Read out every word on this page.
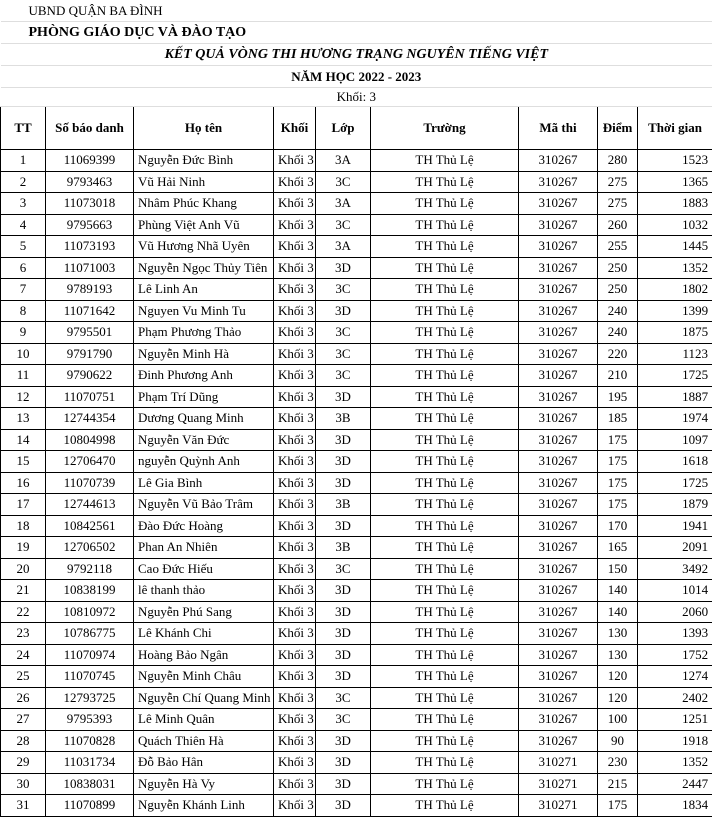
UBND QUẬN BA ĐÌNH								
PHÒNG GIÁO DỤC VÀ ĐÀO TẠO								
KẾT QUẢ VÒNG THI HƯƠNG TRẠNG NGUYÊN TIẾNG VIỆT								
NĂM HỌC 2022 - 2023								
Khối: 3								
TT	Số báo danh	Họ tên	Khối	Lớp	Trường	Mã thi	Điểm	Thời gian
1	11069399	Nguyễn Đức Bình	Khối 3	3A	TH Thủ Lệ	310267	280	1523
2	9793463	Vũ Hải Ninh	Khối 3	3C	TH Thủ Lệ	310267	275	1365
3	11073018	Nhâm Phúc Khang	Khối 3	3A	TH Thủ Lệ	310267	275	1883
4	9795663	Phùng Việt Anh Vũ	Khối 3	3C	TH Thủ Lệ	310267	260	1032
5	11073193	Vũ Hương Nhã Uyên	Khối 3	3A	TH Thủ Lệ	310267	255	1445
6	11071003	Nguyễn Ngọc Thủy Tiên	Khối 3	3D	TH Thủ Lệ	310267	250	1352
7	9789193	Lê Linh An	Khối 3	3C	TH Thủ Lệ	310267	250	1802
8	11071642	Nguyen Vu Minh Tu	Khối 3	3D	TH Thủ Lệ	310267	240	1399
9	9795501	Phạm Phương Thảo	Khối 3	3C	TH Thủ Lệ	310267	240	1875
10	9791790	Nguyễn Minh Hà	Khối 3	3C	TH Thủ Lệ	310267	220	1123
11	9790622	Đinh Phương Anh	Khối 3	3C	TH Thủ Lệ	310267	210	1725
12	11070751	Phạm Trí Dũng	Khối 3	3D	TH Thủ Lệ	310267	195	1887
13	12744354	Dương Quang Minh	Khối 3	3B	TH Thủ Lệ	310267	185	1974
14	10804998	Nguyễn Văn Đức	Khối 3	3D	TH Thủ Lệ	310267	175	1097
15	12706470	nguyễn Quỳnh Anh	Khối 3	3D	TH Thủ Lệ	310267	175	1618
16	11070739	Lê Gia Bình	Khối 3	3D	TH Thủ Lệ	310267	175	1725
17	12744613	Nguyễn Vũ Bảo Trâm	Khối 3	3B	TH Thủ Lệ	310267	175	1879
18	10842561	Đào Đức Hoàng	Khối 3	3D	TH Thủ Lệ	310267	170	1941
19	12706502	Phan An Nhiên	Khối 3	3B	TH Thủ Lệ	310267	165	2091
20	9792118	Cao Đức Hiếu	Khối 3	3C	TH Thủ Lệ	310267	150	3492
21	10838199	lê thanh thảo	Khối 3	3D	TH Thủ Lệ	310267	140	1014
22	10810972	Nguyễn Phú Sang	Khối 3	3D	TH Thủ Lệ	310267	140	2060
23	10786775	Lê Khánh Chi	Khối 3	3D	TH Thủ Lệ	310267	130	1393
24	11070974	Hoàng Bảo Ngân	Khối 3	3D	TH Thủ Lệ	310267	130	1752
25	11070745	Nguyễn Minh Châu	Khối 3	3D	TH Thủ Lệ	310267	120	1274
26	12793725	Nguyễn Chí Quang Minh	Khối 3	3C	TH Thủ Lệ	310267	120	2402
27	9795393	Lê Minh Quân	Khối 3	3C	TH Thủ Lệ	310267	100	1251
28	11070828	Quách Thiên Hà	Khối 3	3D	TH Thủ Lệ	310267	90	1918
29	11031734	Đỗ Bảo Hân	Khối 3	3D	TH Thủ Lệ	310271	230	1352
30	10838031	Nguyễn Hà Vy	Khối 3	3D	TH Thủ Lệ	310271	215	2447
31	11070899	Nguyễn Khánh Linh	Khối 3	3D	TH Thủ Lệ	310271	175	1834
